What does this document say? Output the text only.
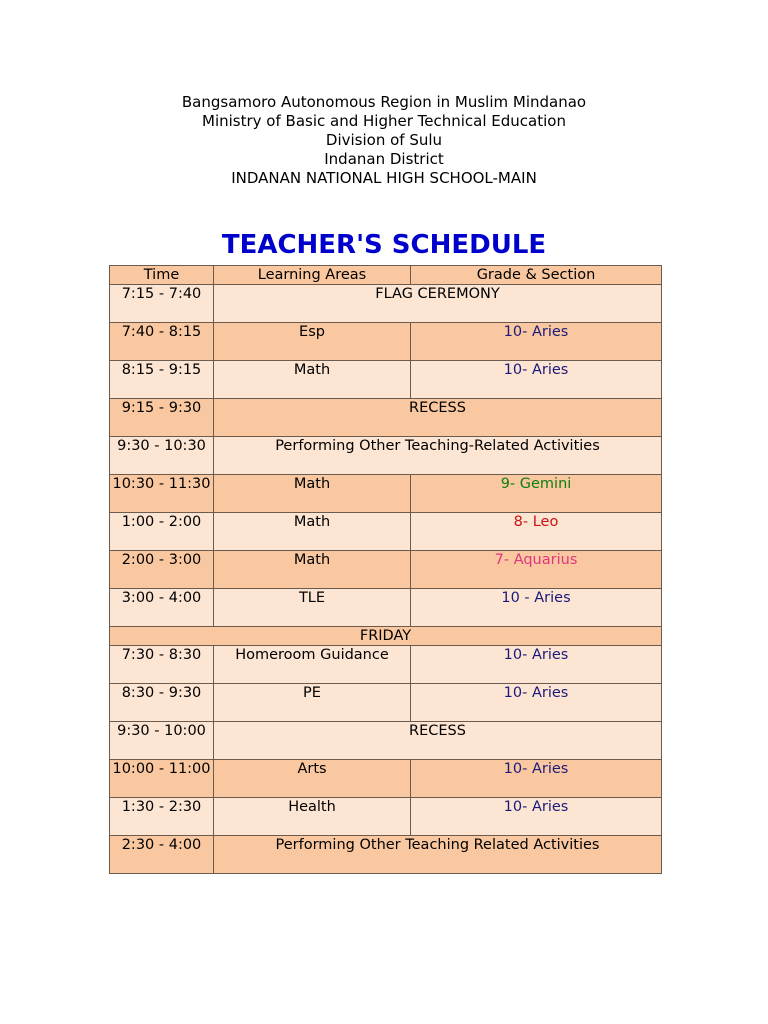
Bangsamoro Autonomous Region in Muslim Mindanao
Ministry of Basic and Higher Technical Education
Division of Sulu
Indanan District
INDANAN NATIONAL HIGH SCHOOL-MAIN
TEACHER'S SCHEDULE
Time	Learning Areas	Grade & Section
7:15 - 7:40	FLAG CEREMONY	
7:40 - 8:15	Esp	10- Aries
8:15 - 9:15	Math	10- Aries
9:15 - 9:30	RECESS	
9:30 - 10:30	Performing Other Teaching-Related Activities	
10:30 - 11:30	Math	9- Gemini
1:00 - 2:00	Math	8- Leo
2:00 - 3:00	Math	7- Aquarius
3:00 - 4:00	TLE	10 - Aries
FRIDAY		
7:30 - 8:30	Homeroom Guidance	10- Aries
8:30 - 9:30	PE	10- Aries
9:30 - 10:00	RECESS	
10:00 - 11:00	Arts	10- Aries
1:30 - 2:30	Health	10- Aries
2:30 - 4:00	Performing Other Teaching Related Activities	
